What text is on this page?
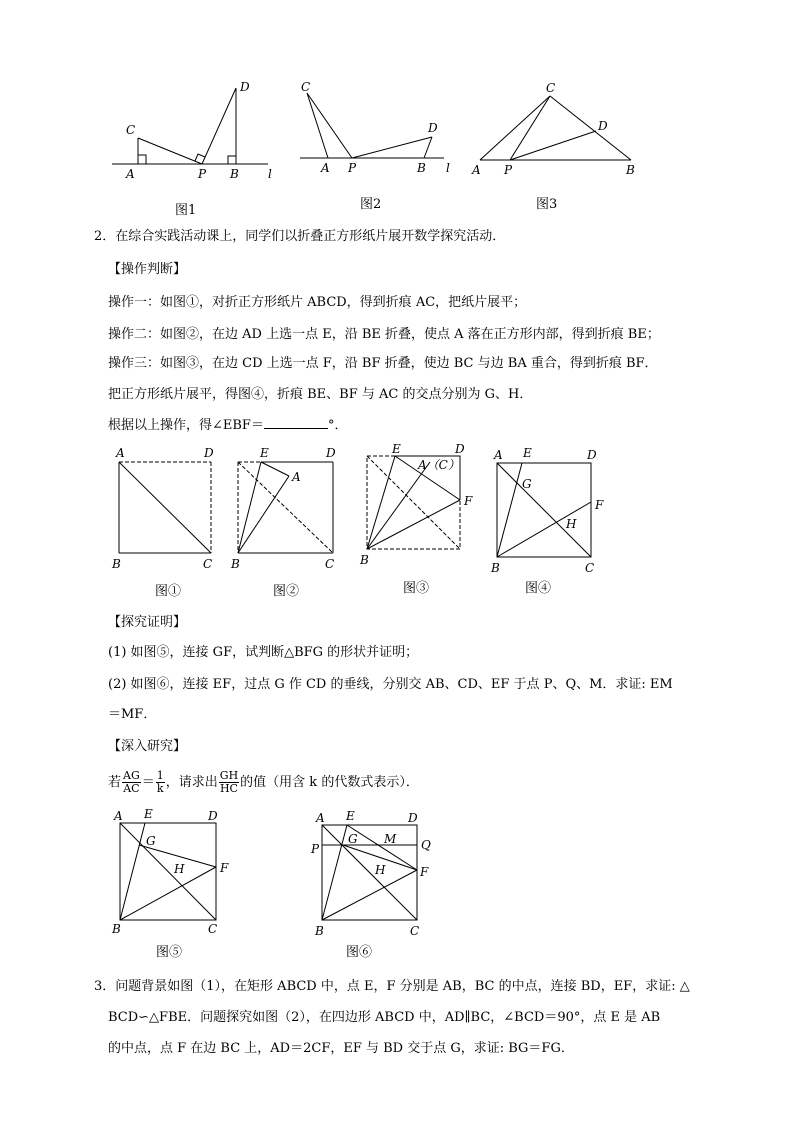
C
D
A	P B l
图1
C
D
A P	B l
图2
C
D
A P	B
图3
2．在综合实践活动课上，同学们以折叠正方形纸片展开数学探究活动．
【操作判断】
操作一：如图①，对折正方形纸片 ABCD，得到折痕 AC，把纸片展平；
操作二：如图②，在边 AD 上选一点 E，沿 BE 折叠，使点 A 落在正方形内部，得到折痕 BE；
操作三：如图③，在边 CD 上选一点 F，沿 BF 折叠，使边 BC 与边 BA 重合，得到折痕 BF．
把正方形纸片展平，得图④，折痕 BE、BF 与 AC 的交点分别为 G、H．
根据以上操作，得∠EBF＝	°．
A	D
B	C
图①
E	D
A
B	C
图②
E	D
A（C）
F
B
图③
A E	D
G
F
H
B	C
图④
【探究证明】
(1) 如图⑤，连接 GF，试判断△BFG 的形状并证明；
(2) 如图⑥，连接 EF，过点 G 作 CD 的垂线，分别交 AB、CD、EF 于点 P、Q、M．求证: EM
＝MF．
【深入研究】
若 $\frac{AG}{AC} = \frac{1}{k}$ ，请求出 $\frac{GH}{HC}$ 的值（用含 k 的代数式表示）．
A E	D
G
F
H
B	C
图⑤
A E	D
G M Q
P
F
H
B	C
图⑥
3．问题背景如图（1），在矩形 ABCD 中，点 E，F 分别是 AB，BC 的中点，连接 BD，EF，求证: △
BCD∽△FBE．问题探究如图（2），在四边形 ABCD 中，AD∥BC，∠BCD＝90°，点 E 是 AB
的中点，点 F 在边 BC 上，AD＝2CF，EF 与 BD 交于点 G，求证: BG＝FG．
